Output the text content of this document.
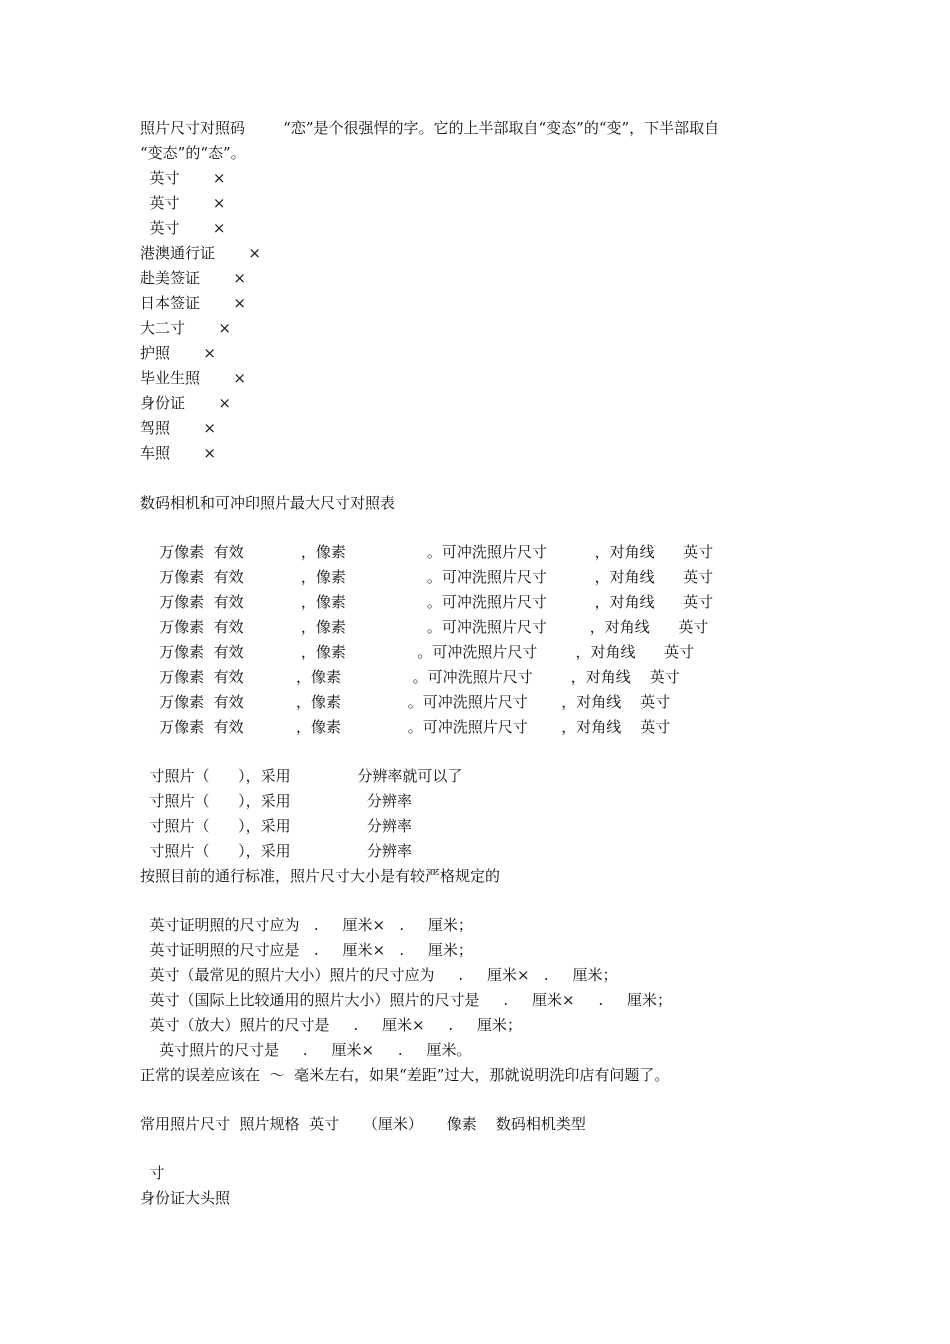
照片尺寸对照码        “恋”是个很强悍的字。它的上半部取自“变态”的“变”，下半部取自
“变态”的“态”。
英寸       ×
英寸       ×
英寸       ×
港澳通行证       ×
赴美签证       ×
日本签证       ×
大二寸       ×
护照       ×
毕业生照       ×
身份证       ×
驾照       ×
车照       ×
数码相机和可冲印照片最大尺寸对照表
万像素  有效            ，像素                 。可冲洗照片尺寸          ，对角线      英寸
万像素  有效            ，像素                 。可冲洗照片尺寸          ，对角线      英寸
万像素  有效            ，像素                 。可冲洗照片尺寸          ，对角线      英寸
万像素  有效            ，像素                 。可冲洗照片尺寸         ，对角线      英寸
万像素  有效            ，像素               。可冲洗照片尺寸        ，对角线      英寸
万像素  有效           ，像素               。可冲洗照片尺寸        ，对角线    英寸
万像素  有效           ，像素              。可冲洗照片尺寸       ，对角线    英寸
万像素  有效           ，像素              。可冲洗照片尺寸       ，对角线    英寸
寸照片（      ），采用              分辨率就可以了
寸照片（      ），采用                分辨率
寸照片（      ），采用                分辨率
寸照片（      ），采用                分辨率
按照目前的通行标准，照片尺寸大小是有较严格规定的
英寸证明照的尺寸应为   .     厘米×   .     厘米；
英寸证明照的尺寸应是   .     厘米×   .     厘米；
英寸（最常见的照片大小）照片的尺寸应为     .     厘米×   .     厘米；
英寸（国际上比较通用的照片大小）照片的尺寸是     .     厘米×     .     厘米；
英寸（放大）照片的尺寸是     .     厘米×     .     厘米；
英寸照片的尺寸是     .     厘米×     .     厘米。
正常的误差应该在  ～  毫米左右，如果“差距”过大，那就说明洗印店有问题了。
常用照片尺寸  照片规格  英寸     （厘米）     像素    数码相机类型
寸
身份证大头照
